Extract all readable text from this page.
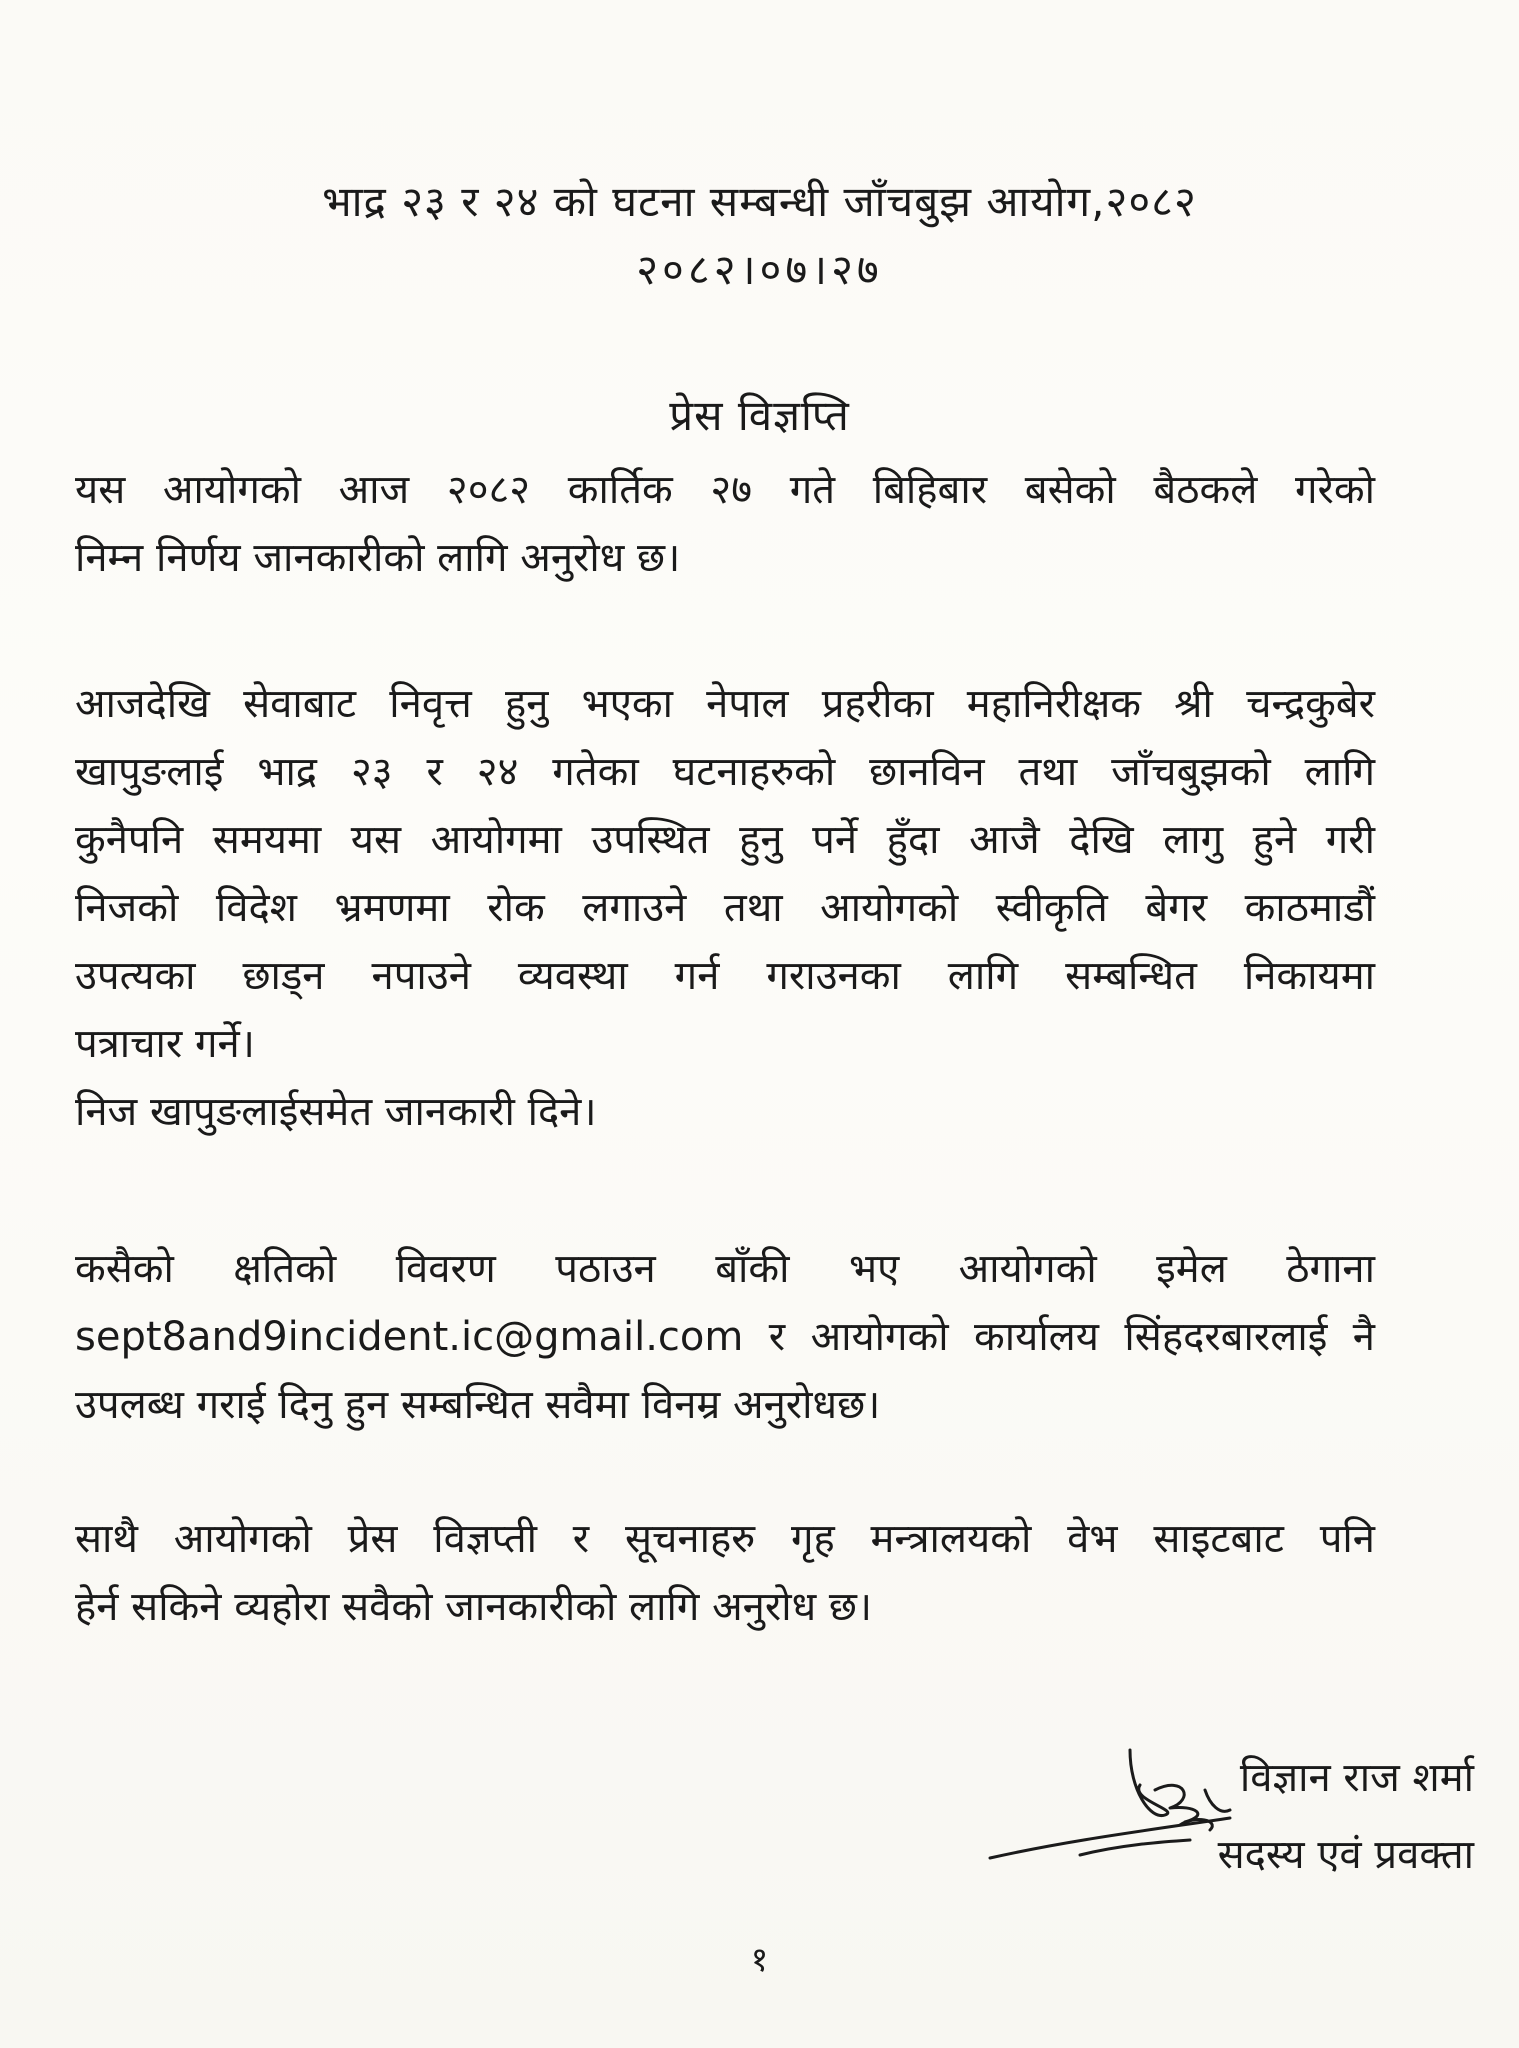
भाद्र २३ र २४ को घटना सम्बन्धी जाँचबुझ आयोग,२०८२
२०८२।०७।२७
प्रेस विज्ञप्ति
यस आयोगको आज २०८२ कार्तिक २७ गते बिहिबार बसेको बैठकले गरेको

निम्न निर्णय जानकारीको लागि अनुरोध छ।

आजदेखि सेवाबाट निवृत्त हुनु भएका नेपाल प्रहरीका महानिरीक्षक श्री चन्द्रकुबेर
खापुङलाई भाद्र २३ र २४ गतेका घटनाहरुको छानविन तथा जाँचबुझको लागि
कुनैपनि समयमा यस आयोगमा उपस्थित हुनु पर्ने हुँदा आजै देखि लागु हुने गरी
निजको विदेश भ्रमणमा रोक लगाउने तथा आयोगको स्वीकृति बेगर काठमाडौं
उपत्यका छाड्न नपाउने व्यवस्था गर्न गराउनका लागि सम्बन्धित निकायमा

पत्राचार गर्ने।

निज खापुङलाईसमेत जानकारी दिने।

कसैको क्षतिको विवरण पठाउन बाँकी भए आयोगको इमेल ठेगाना
sept8and9incident.ic@gmail.com र आयोगको कार्यालय सिंहदरबारलाई नै

उपलब्ध गराई दिनु हुन सम्बन्धित सवैमा विनम्र अनुरोधछ।

साथै आयोगको प्रेस विज्ञप्ती र सूचनाहरु गृह मन्त्रालयको वेभ साइटबाट पनि

हेर्न सकिने व्यहोरा सवैको जानकारीको लागि अनुरोध छ।

विज्ञान राज शर्मा
सदस्य एवं प्रवक्ता
१
